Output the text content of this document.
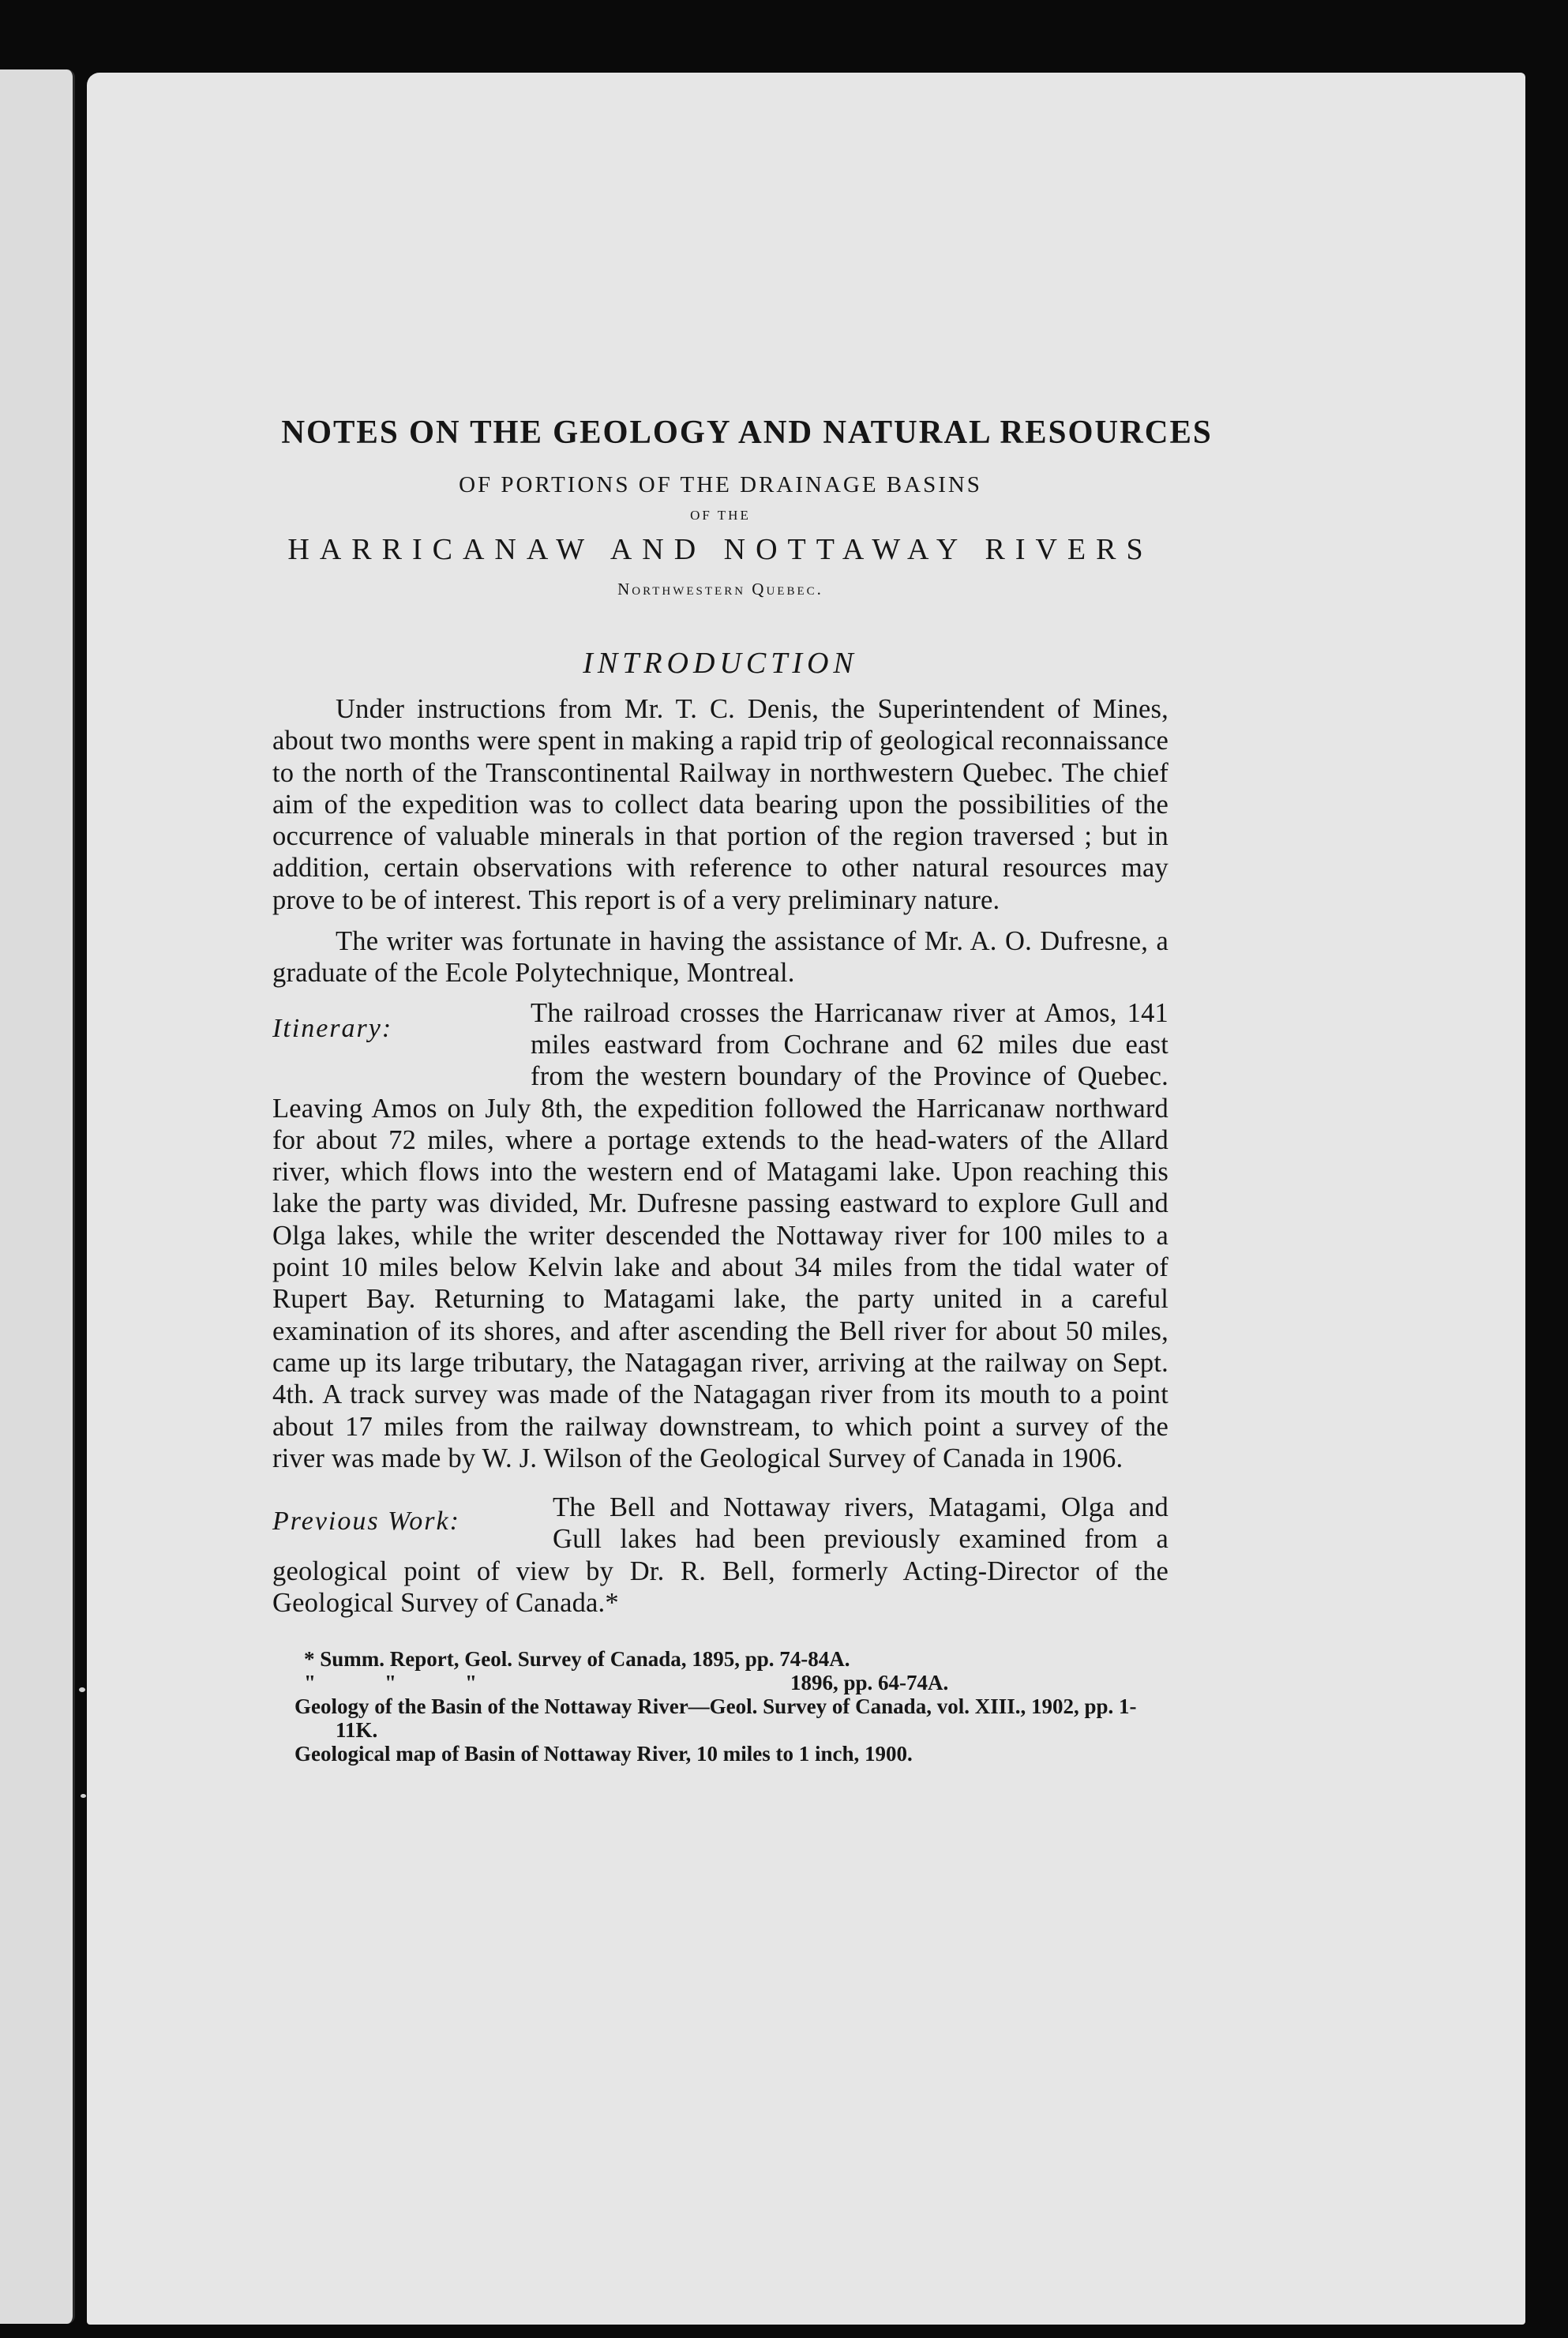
NOTES ON THE GEOLOGY AND NATURAL RESOURCES
OF PORTIONS OF THE DRAINAGE BASINS
OF THE
HARRICANAW AND NOTTAWAY RIVERS
Northwestern Quebec.
INTRODUCTION

Under instructions from Mr. T. C. Denis, the Superintendent of Mines, about two months were spent in making a rapid trip of geological reconnaissance to the north of the Transcontinental Railway in northwestern Quebec. The chief aim of the expedition was to collect data bearing upon the possibilities of the occurrence of valuable minerals in that portion of the region traversed ; but in addition, certain observations with reference to other natural resources may prove to be of interest. This report is of a very preliminary nature.

The writer was fortunate in having the assistance of Mr. A. O. Dufresne, a graduate of the Ecole Polytechnique, Montreal.

Itinerary:

The railroad crosses the Harricanaw river at Amos, 141 miles eastward from Cochrane and 62 miles due east from the western boundary of the Province of Quebec. Leaving Amos on July 8th, the expedition followed the Harricanaw northward for about 72 miles, where a portage extends to the head-waters of the Allard river, which flows into the western end of Matagami lake. Upon reaching this lake the party was divided, Mr. Dufresne passing eastward to explore Gull and Olga lakes, while the writer descended the Nottaway river for 100 miles to a point 10 miles below Kelvin lake and about 34 miles from the tidal water of Rupert Bay. Returning to Matagami lake, the party united in a careful examination of its shores, and after ascending the Bell river for about 50 miles, came up its large tributary, the Natagagan river, arriving at the railway on Sept. 4th. A track survey was made of the Natagagan river from its mouth to a point about 17 miles from the railway downstream, to which point a survey of the river was made by W. J. Wilson of the Geological Survey of Canada in 1906.

Previous Work:	The Bell and Nottaway rivers, Matagami, Olga and Gull lakes had been previously examined from a geological point of view by Dr. R. Bell, formerly Acting-Director of the Geological Survey of Canada.*

* Summ. Report, Geol. Survey of Canada, 1895, pp. 74-84A.
"	"	"	1896, pp. 64-74A.
Geology of the Basin of the Nottaway River—Geol. Survey of Canada, vol. XIII., 1902, pp. 1-11K.
Geological map of Basin of Nottaway River, 10 miles to 1 inch, 1900.
